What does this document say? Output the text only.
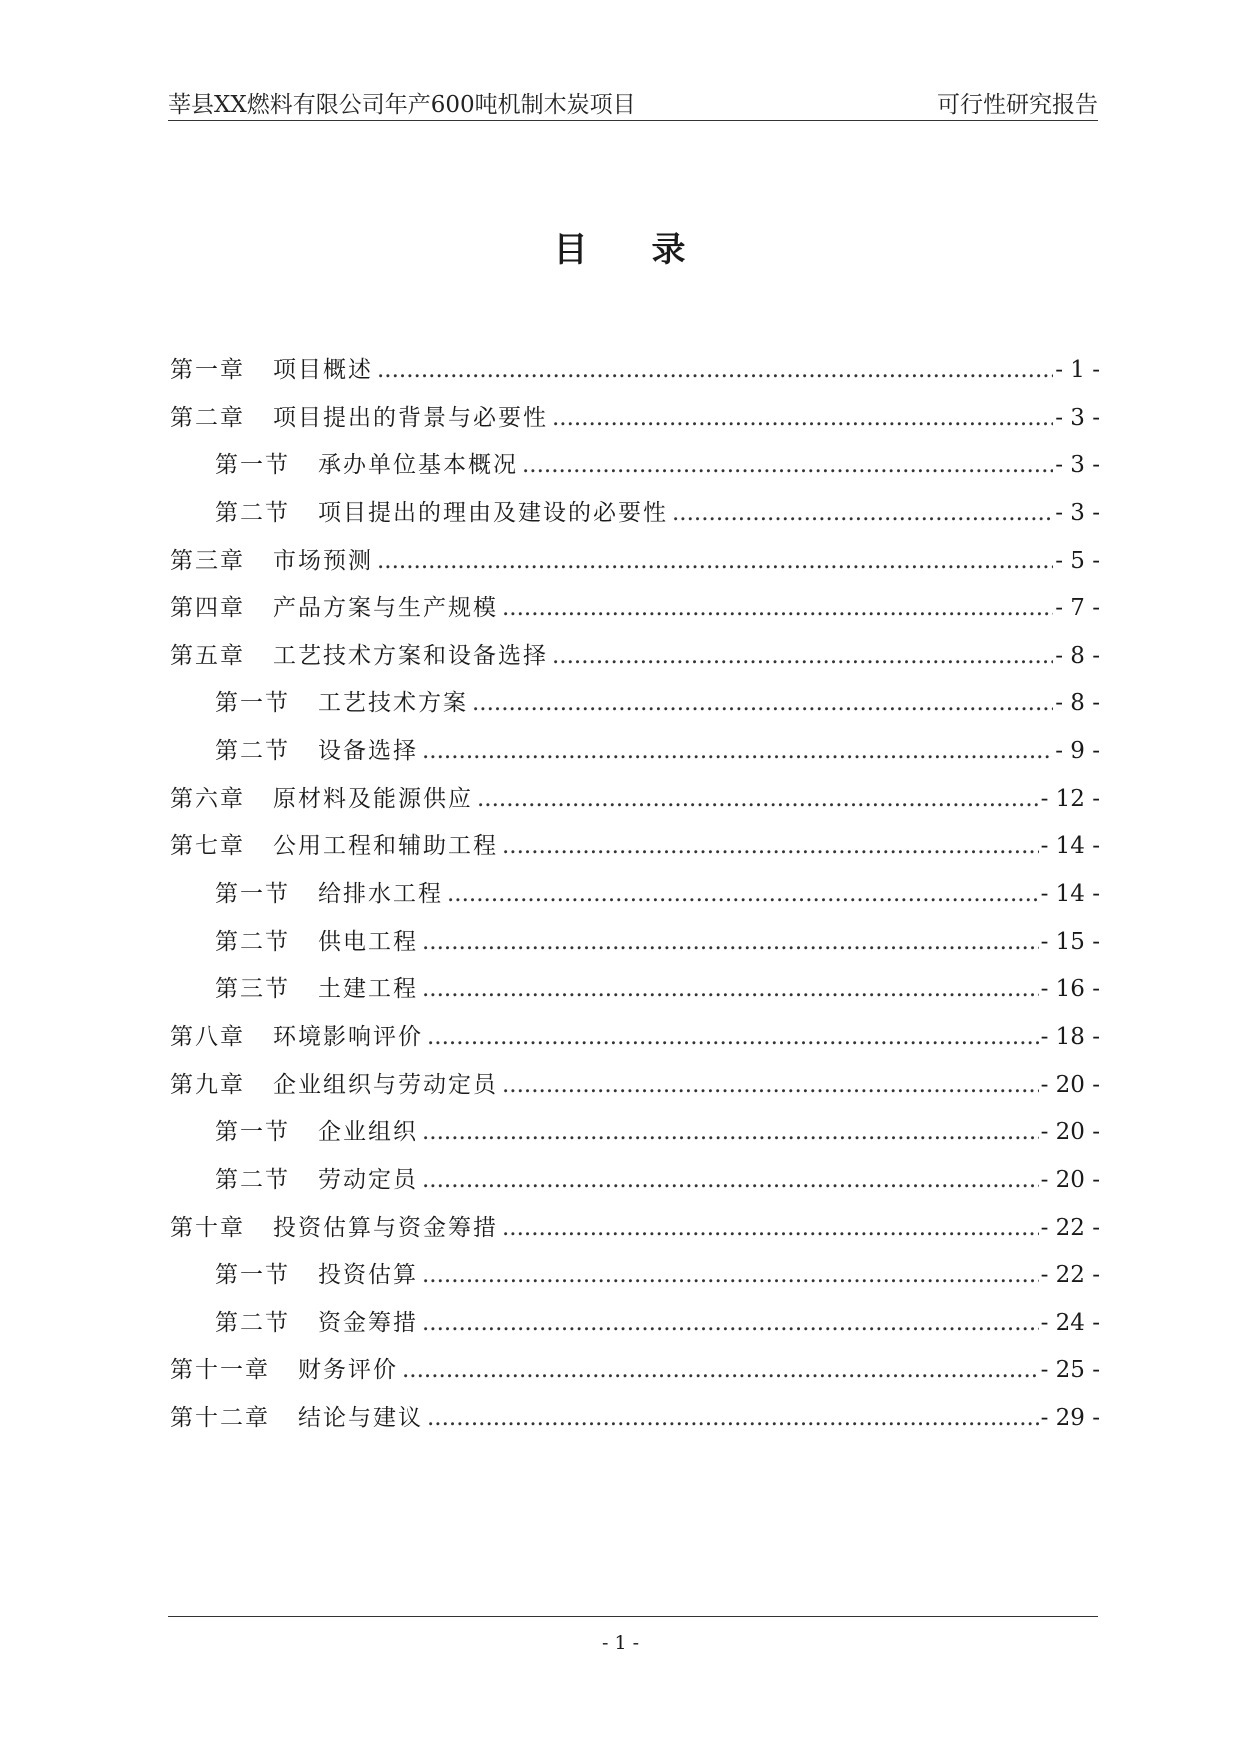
莘县XX燃料有限公司年产600吨机制木炭项目	可行性研究报告
目 录
第一章 项目概述 .....	- 1 -
第二章 项目提出的背景与必要性 .....	- 3 -
第一节 承办单位基本概况 .....	- 3 -
第二节 项目提出的理由及建设的必要性 .....	- 3 -
第三章 市场预测 .....	- 5 -
第四章 产品方案与生产规模 .....	- 7 -
第五章 工艺技术方案和设备选择 .....	- 8 -
第一节 工艺技术方案 .....	- 8 -
第二节 设备选择 .....	- 9 -
第六章 原材料及能源供应 .....	- 12 -
第七章 公用工程和辅助工程 .....	- 14 -
第一节 给排水工程 .....	- 14 -
第二节 供电工程 .....	- 15 -
第三节 土建工程 .....	- 16 -
第八章 环境影响评价 .....	- 18 -
第九章 企业组织与劳动定员 .....	- 20 -
第一节 企业组织 .....	- 20 -
第二节 劳动定员 .....	- 20 -
第十章 投资估算与资金筹措 .....	- 22 -
第一节 投资估算 .....	- 22 -
第二节 资金筹措 .....	- 24 -
第十一章 财务评价 .....	- 25 -
第十二章 结论与建议 .....	- 29 -
- 1 -
